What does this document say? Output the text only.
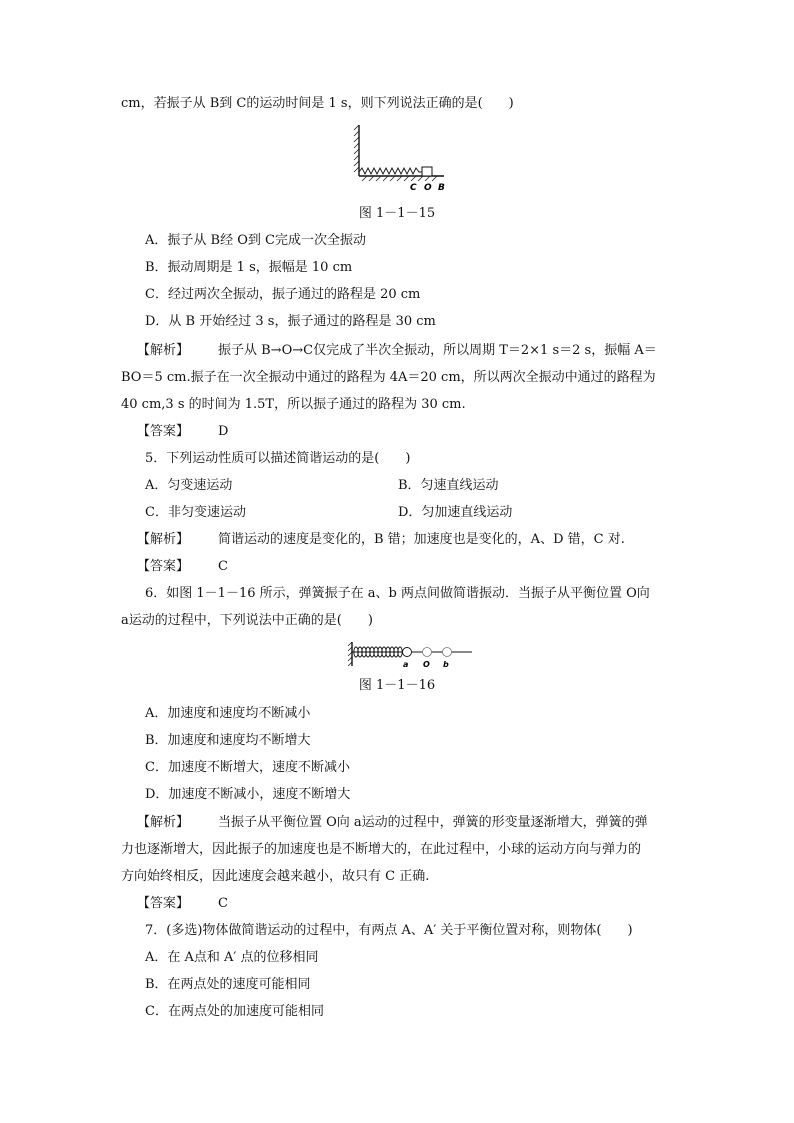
cm，若振子从 B到 C的运动时间是 1 s，则下列说法正确的是(　　)
C O B
图 1－1－15
A．振子从 B经 O到 C完成一次全振动
B．振动周期是 1 s，振幅是 10 cm
C．经过两次全振动，振子通过的路程是 20 cm
D．从 B 开始经过 3 s，振子通过的路程是 30 cm
【解析】 振子从 B→O→C仅完成了半次全振动，所以周期 T＝2×1 s＝2 s，振幅 A＝
BO＝5 cm.振子在一次全振动中通过的路程为 4A＝20 cm，所以两次全振动中通过的路程为
40 cm,3 s 的时间为 1.5T，所以振子通过的路程为 30 cm.
【答案】 D
5．下列运动性质可以描述简谐运动的是(　　)
A．匀变速运动	B．匀速直线运动
C．非匀变速运动	D．匀加速直线运动
【解析】 简谐运动的速度是变化的，B 错；加速度也是变化的，A、D 错，C 对.
【答案】 C
6．如图 1－1－16 所示，弹簧振子在 a、b 两点间做简谐振动．当振子从平衡位置 O向
a运动的过程中，下列说法中正确的是(　　)
a O b
图 1－1－16
A．加速度和速度均不断减小
B．加速度和速度均不断增大
C．加速度不断增大，速度不断减小
D．加速度不断减小，速度不断增大
【解析】 当振子从平衡位置 O向 a运动的过程中，弹簧的形变量逐渐增大，弹簧的弹
力也逐渐增大，因此振子的加速度也是不断增大的，在此过程中，小球的运动方向与弹力的
方向始终相反，因此速度会越来越小，故只有 C 正确.
【答案】 C
7．(多选)物体做简谐运动的过程中，有两点 A、A′ 关于平衡位置对称，则物体(　　)
A．在 A点和 A′ 点的位移相同
B．在两点处的速度可能相同
C．在两点处的加速度可能相同
